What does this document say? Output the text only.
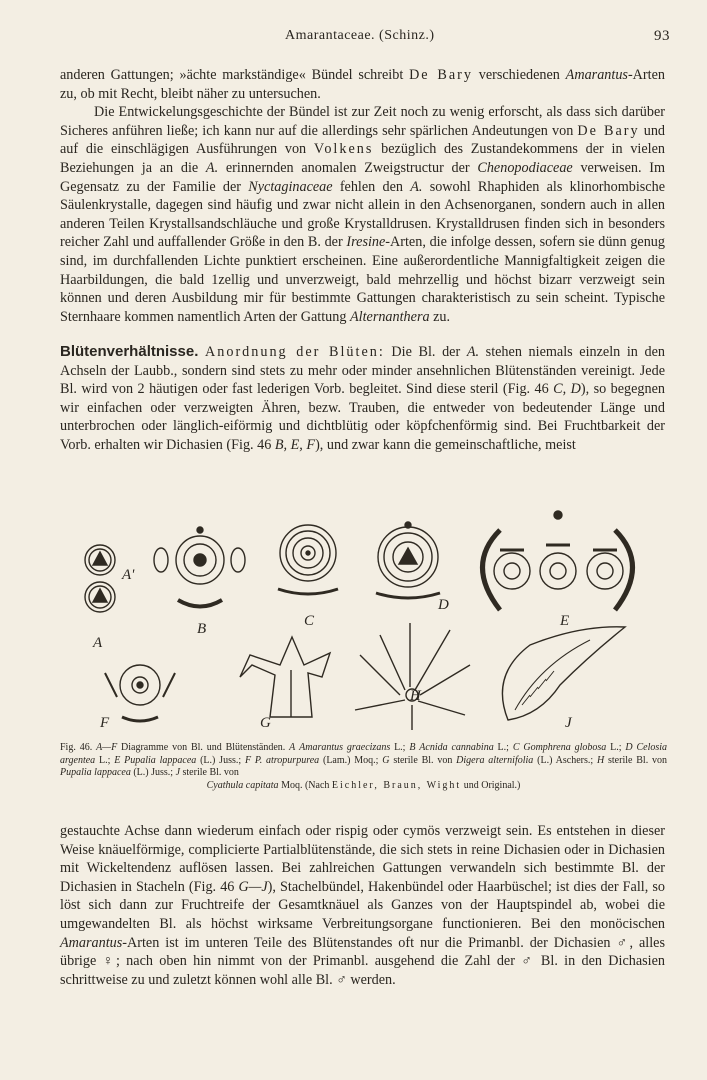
Amarantaceae. (Schinz.)	93

anderen Gattungen; »ächte markständige« Bündel schreibt De Bary verschiedenen Amarantus-Arten zu, ob mit Recht, bleibt näher zu untersuchen.

Die Entwickelungsgeschichte der Bündel ist zur Zeit noch zu wenig erforscht, als dass sich darüber Sicheres anführen ließe; ich kann nur auf die allerdings sehr spärlichen Andeutungen von De Bary und auf die einschlägigen Ausführungen von Volkens bezüglich des Zustandekommens der in vielen Beziehungen ja an die A. erinnernden anomalen Zweigstructur der Chenopodiaceae verweisen. Im Gegensatz zu der Familie der Nyctaginaceae fehlen den A. sowohl Rhaphiden als klinorhombische Säulenkrystalle, dagegen sind häufig und zwar nicht allein in den Achsenorganen, sondern auch in allen anderen Teilen Krystallsandschläuche und große Krystalldrusen. Krystalldrusen finden sich in besonders reicher Zahl und auffallender Größe in den B. der Iresine-Arten, die infolge dessen, sofern sie dünn genug sind, im durchfallenden Lichte punktiert erscheinen. Eine außerordentliche Mannigfaltigkeit zeigen die Haarbildungen, die bald 1zellig und unverzweigt, bald mehrzellig und höchst bizarr verzweigt sein können und deren Ausbildung mir für bestimmte Gattungen charakteristisch zu sein scheint. Typische Sternhaare kommen namentlich Arten der Gattung Alternanthera zu.

Blütenverhältnisse. Anordnung der Blüten: Die Bl. der A. stehen niemals einzeln in den Achseln der Laubb., sondern sind stets zu mehr oder minder ansehnlichen Blütenständen vereinigt. Jede Bl. wird von 2 häutigen oder fast lederigen Vorb. begleitet. Sind diese steril (Fig. 46 C, D), so begegnen wir einfachen oder verzweigten Ähren, bezw. Trauben, die entweder von bedeutender Länge und unterbrochen oder länglich-eiförmig und dichtblütig oder köpfchenförmig sind. Bei Fruchtbarkeit der Vorb. erhalten wir Dichasien (Fig. 46 B, E, F), und zwar kann die gemeinschaftliche, meist

A'
A
B	C
D
E
F	G
H
J
Fig. 46. A—F Diagramme von Bl. und Blütenständen. A Amarantus graecizans L.; B Acnida cannabina L.; C Gomphrena globosa L.; D Celosia argentea L.; E Pupalia lappacea (L.) Juss.; F P. atropurpurea (Lam.) Moq.; G sterile Bl. von Digera alternifolia (L.) Aschers.; H sterile Bl. von Pupalia lappacea (L.) Juss.; J sterile Bl. von
Cyathula capitata Moq. (Nach Eichler, Braun, Wight und Original.)

gestauchte Achse dann wiederum einfach oder rispig oder cymös verzweigt sein. Es entstehen in dieser Weise knäuelförmige, complicierte Partialblütenstände, die sich stets in reine Dichasien oder in Dichasien mit Wickeltendenz auflösen lassen. Bei zahlreichen Gattungen verwandeln sich bestimmte Bl. der Dichasien in Stacheln (Fig. 46 G—J), Stachelbündel, Hakenbündel oder Haarbüschel; ist dies der Fall, so löst sich dann zur Fruchtreife der Gesamtknäuel als Ganzes von der Hauptspindel ab, wobei die umgewandelten Bl. als höchst wirksame Verbreitungsorgane functionieren. Bei den monöcischen Amarantus-Arten ist im unteren Teile des Blütenstandes oft nur die Primanbl. der Dichasien ♂, alles übrige ♀; nach oben hin nimmt von der Primanbl. ausgehend die Zahl der ♂ Bl. in den Dichasien schrittweise zu und zuletzt können wohl alle Bl. ♂ werden.
